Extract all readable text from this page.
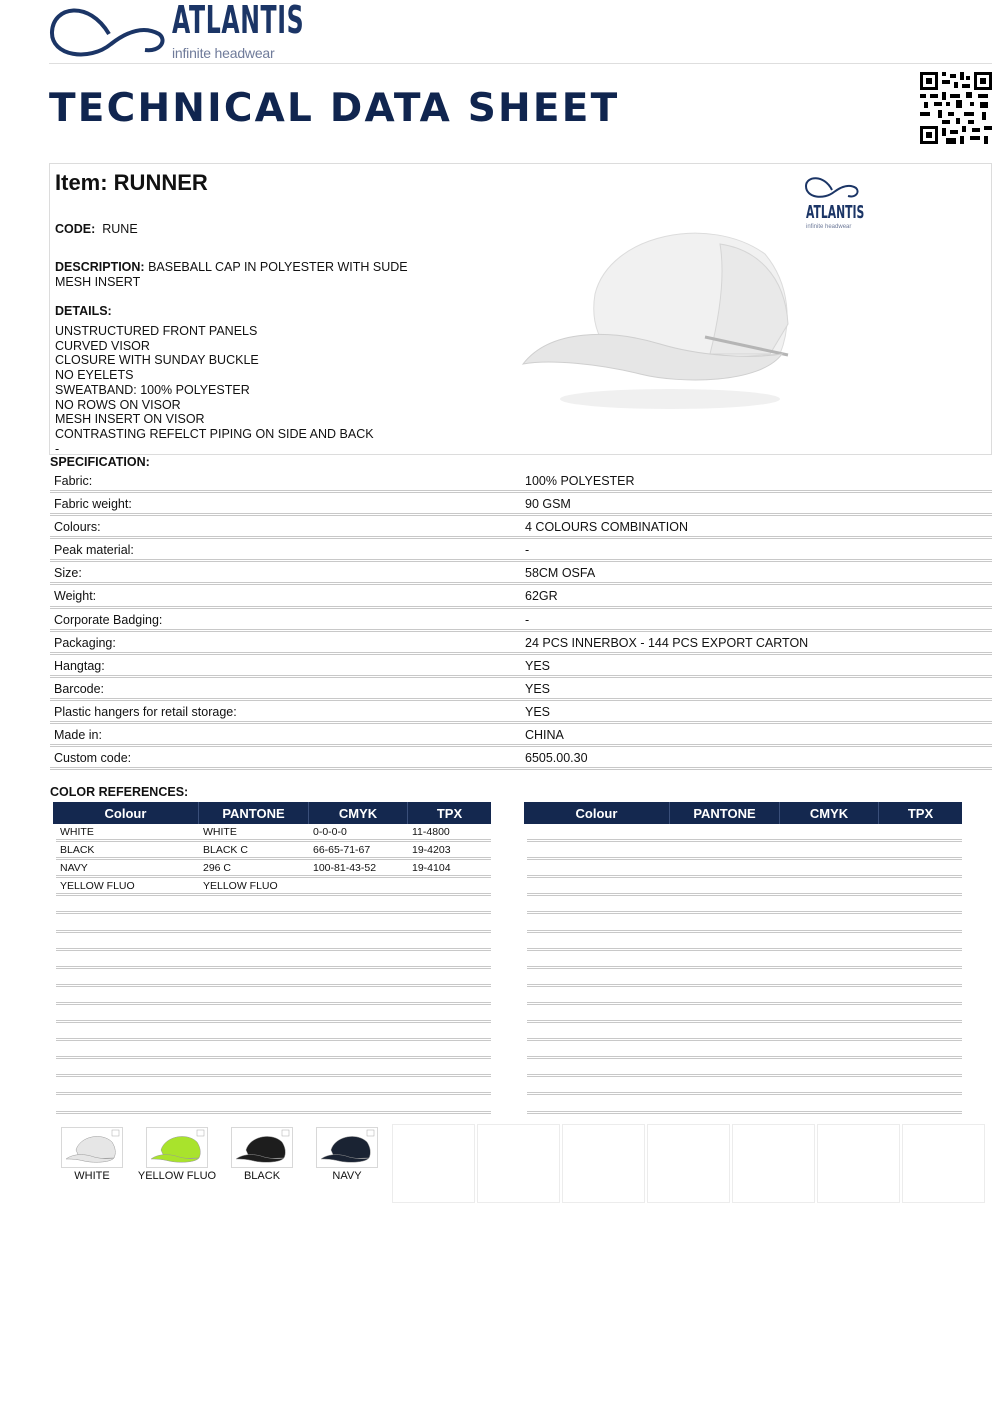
ATLANTIS
infinite headwear
TECHNICAL DATA SHEET
Item: RUNNER
CODE: RUNE
DESCRIPTION: BASEBALL CAP IN POLYESTER WITH SUDE
MESH INSERT
DETAILS:
UNSTRUCTURED FRONT PANELS
CURVED VISOR
CLOSURE WITH SUNDAY BUCKLE
NO EYELETS
SWEATBAND: 100% POLYESTER
NO ROWS ON VISOR
MESH INSERT ON VISOR
CONTRASTING REFELCT PIPING ON SIDE AND BACK
-
ATLANTIS
infinite headwear
SPECIFICATION:
Fabric:	100% POLYESTER
Fabric weight:	90 GSM
Colours:	4 COLOURS COMBINATION
Peak material:	-
Size:	58CM OSFA
Weight:	62GR
Corporate Badging:	-
Packaging:	24 PCS INNERBOX - 144 PCS EXPORT CARTON
Hangtag:	YES
Barcode:	YES
Plastic hangers for retail storage:	YES
Made in:	CHINA
Custom code:	6505.00.30
COLOR REFERENCES:
Colour	PANTONE	CMYK	TPX
WHITE	WHITE	0-0-0-0	11-4800
BLACK	BLACK C	66-65-71-67	19-4203
NAVY	296 C	100-81-43-52	19-4104
YELLOW FLUO	YELLOW FLUO
Colour	PANTONE	CMYK	TPX
WHITE	YELLOW FLUO	BLACK	NAVY
